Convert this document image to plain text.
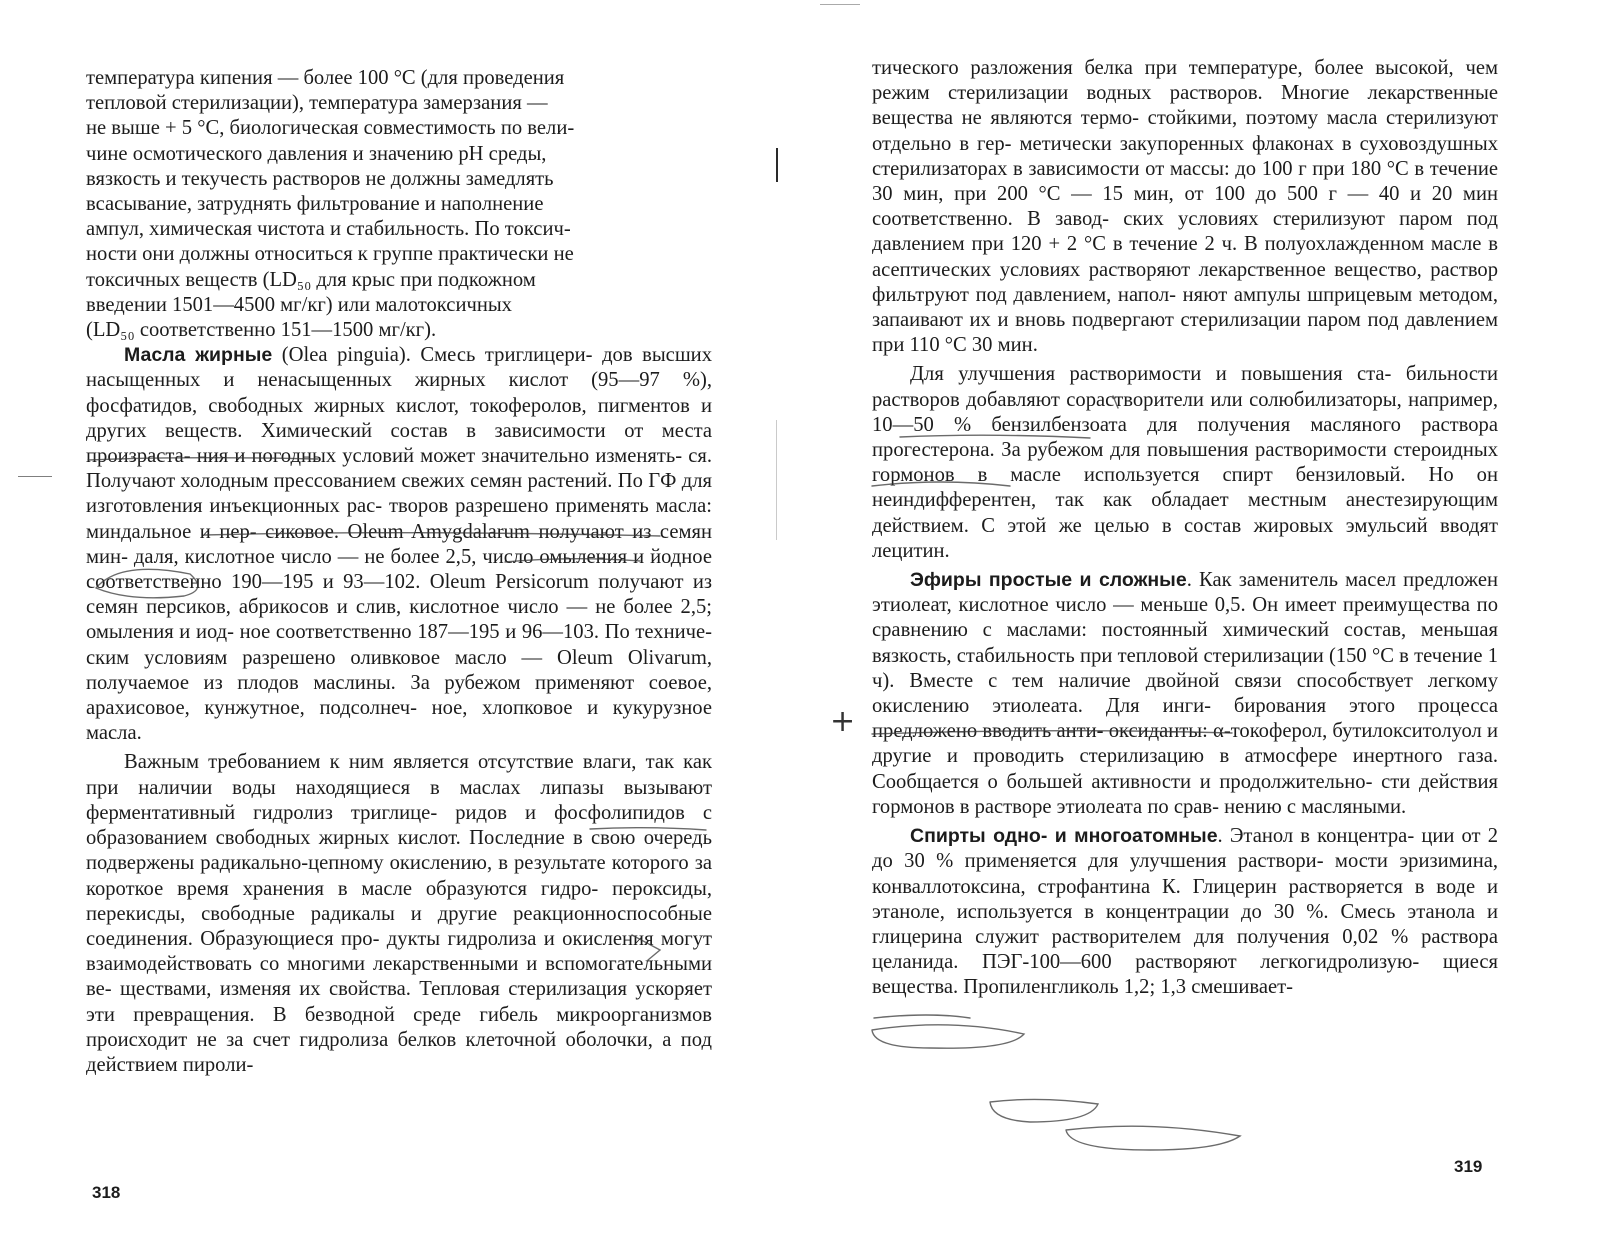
температура кипения — более 100 °С (для проведения

тепловой стерилизации), температура замерзания —

не выше + 5 °С, биологическая совместимость по вели-

чине осмотического давления и значению pH среды,

вязкость и текучесть растворов не должны замедлять

всасывание, затруднять фильтрование и наполнение

ампул, химическая чистота и стабильность. По токсич-

ности они должны относиться к группе практически не

токсичных веществ (LD₅₀ для крыс при подкожном

введении 1501—4500 мг/кг) или малотоксичных

(LD₅₀ соответственно 151—1500 мг/кг).

Масла жирные (Olea pinguia). Смесь триглицери- дов высших насыщенных и ненасыщенных жирных кислот (95—97 %), фосфатидов, свободных жирных кислот, токоферолов, пигментов и других веществ. Химический состав в зависимости от места произраста- ния и погодных условий может значительно изменять- ся. Получают холодным прессованием свежих семян растений. По ГФ для изготовления инъекционных рас- творов разрешено применять масла: миндальное и пер- сиковое. Oleum Amygdalarum получают из семян мин- даля, кислотное число — не более 2,5, число омыления и йодное соответственно 190—195 и 93—102. Oleum Persicorum получают из семян персиков, абрикосов и слив, кислотное число — не более 2,5; омыления и иод- ное соответственно 187—195 и 96—103. По техниче- ским условиям разрешено оливковое масло — Oleum Olivarum, получаемое из плодов маслины. За рубежом применяют соевое, арахисовое, кунжутное, подсолнеч- ное, хлопковое и кукурузное масла.

Важным требованием к ним является отсутствие влаги, так как при наличии воды находящиеся в маслах липазы вызывают ферментативный гидролиз триглице- ридов и фосфолипидов с образованием свободных жирных кислот. Последние в свою очередь подвержены радикально-цепному окислению, в результате которого за короткое время хранения в масле образуются гидро- пероксиды, перекисды, свободные радикалы и другие реакционноспособные соединения. Образующиеся про- дукты гидролиза и окисления могут взаимодействовать со многими лекарственными и вспомогательными ве- ществами, изменяя их свойства. Тепловая стерилизация ускоряет эти превращения. В безводной среде гибель микроорганизмов происходит не за счет гидролиза белков клеточной оболочки, а под действием пироли-

318

тического разложения белка при температуре, более высокой, чем режим стерилизации водных растворов. Многие лекарственные вещества не являются термо- стойкими, поэтому масла стерилизуют отдельно в гер- метически закупоренных флаконах в суховоздушных стерилизаторах в зависимости от массы: до 100 г при 180 °С в течение 30 мин, при 200 °С — 15 мин, от 100 до 500 г — 40 и 20 мин соответственно. В завод- ских условиях стерилизуют паром под давлением при 120 + 2 °С в течение 2 ч. В полуохлажденном масле в асептических условиях растворяют лекарственное вещество, раствор фильтруют под давлением, напол- няют ампулы шприцевым методом, запаивают их и вновь подвергают стерилизации паром под давлением при 110 °С 30 мин.

Для улучшения растворимости и повышения ста- бильности растворов добавляют сорастворители или солюбилизаторы, например, 10—50 % бензилбензоата для получения масляного раствора прогестерона. За рубежом для повышения растворимости стероидных гормонов в масле используется спирт бензиловый. Но он неиндифферентен, так как обладает местным анестезирующим действием. С этой же целью в состав жировых эмульсий вводят лецитин.

Эфиры простые и сложные. Как заменитель масел предложен этиолеат, кислотное число — меньше 0,5. Он имеет преимущества по сравнению с маслами: постоянный химический состав, меньшая вязкость, стабильность при тепловой стерилизации (150 °С в течение 1 ч). Вместе с тем наличие двойной связи способствует легкому окислению этиолеата. Для инги- бирования этого процесса предложено вводить анти- оксиданты: α-токоферол, бутилокситолуол и другие и проводить стерилизацию в атмосфере инертного газа. Сообщается о большей активности и продолжительно- сти действия гормонов в растворе этиолеата по срав- нению с масляными.

Спирты одно- и многоатомные. Этанол в концентра- ции от 2 до 30 % применяется для улучшения раствори- мости эризимина, конваллотоксина, строфантина К. Глицерин растворяется в воде и этаноле, используется в концентрации до 30 %. Смесь этанола и глицерина служит растворителем для получения 0,02 % раствора целанида. ПЭГ-100—600 растворяют легкогидролизую- щиеся вещества. Пропиленгликоль 1,2; 1,3 смешивает-

319
+
